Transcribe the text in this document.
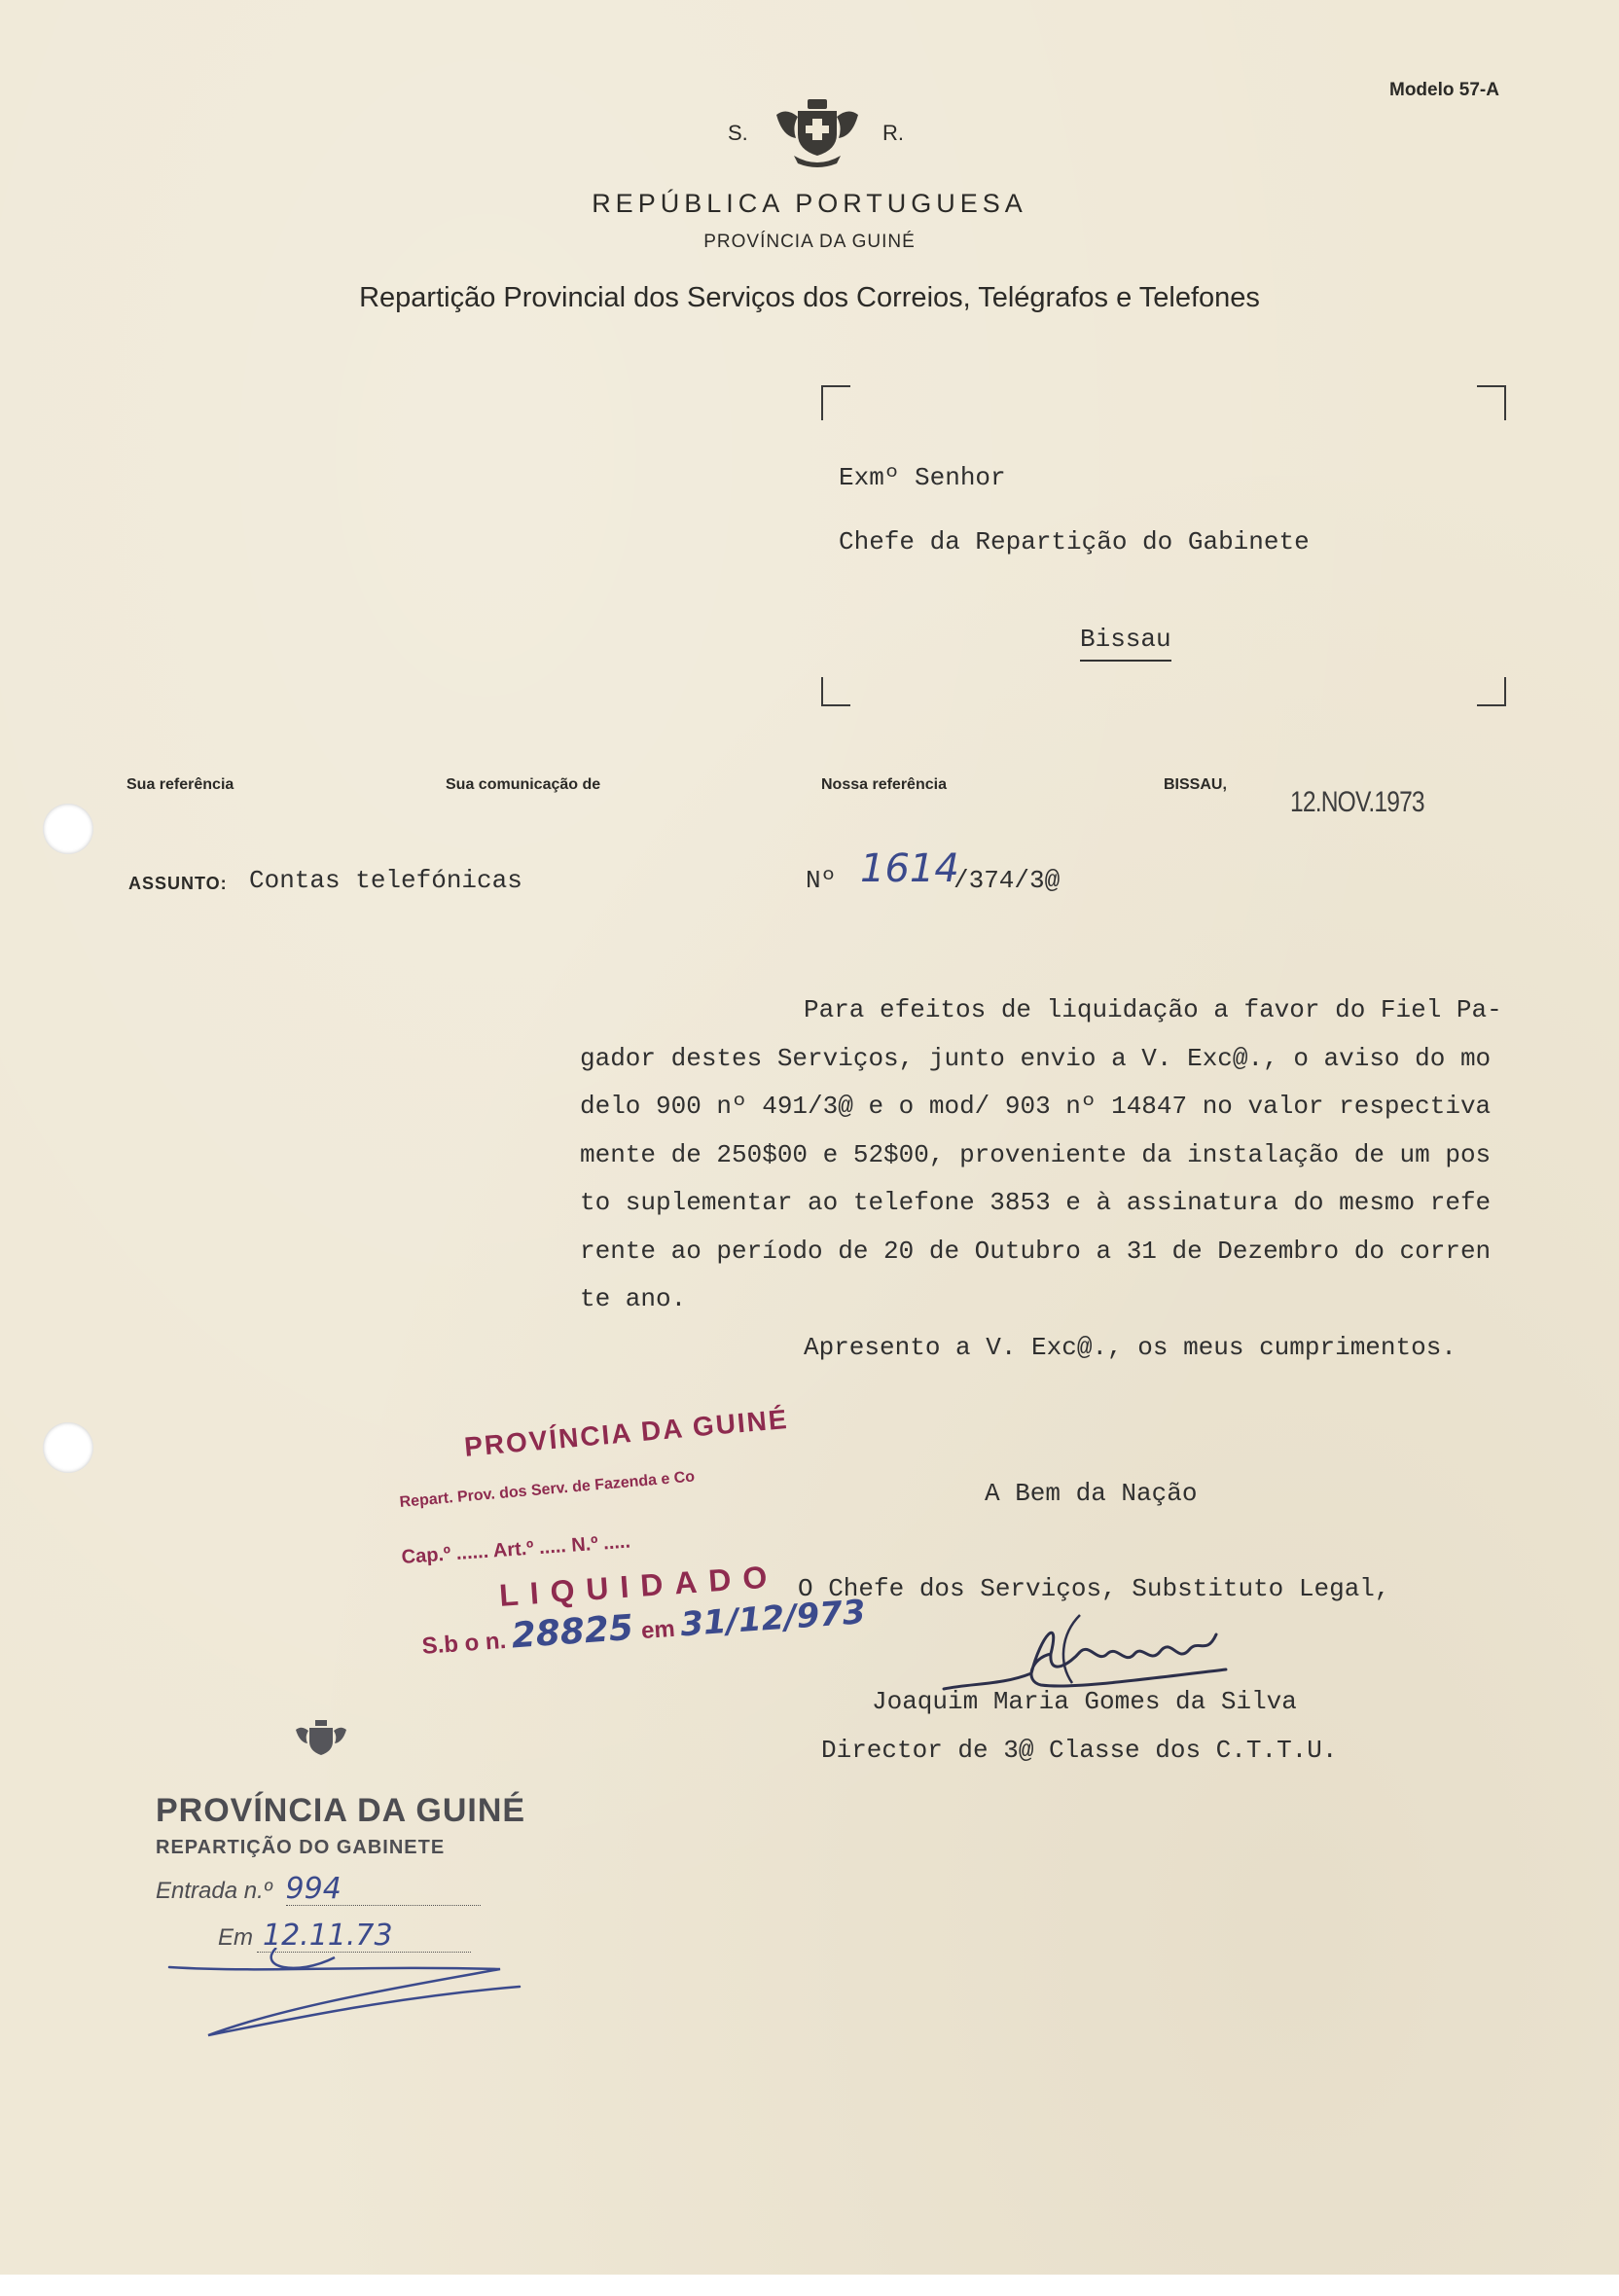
Modelo 57-A
S.	R.
REPÚBLICA PORTUGUESA
PROVÍNCIA DA GUINÉ
Repartição Provincial dos Serviços dos Correios, Telégrafos e Telefones
Exmº Senhor
Chefe da Repartição do Gabinete
Bissau
Sua referência	Sua comunicação de	Nossa referência	BISSAU,
12.NOV.1973
ASSUNTO: Contas telefónicas	Nº 1614
/374/3@

Para efeitos de liquidação a favor do Fiel Pa-

gador destes Serviços, junto envio a V. Exc@., o aviso do mo

delo 900 nº 491/3@ e o mod/ 903 nº 14847 no valor respectiva

mente de 250$00 e 52$00, proveniente da instalação de um pos

to suplementar ao telefone 3853 e à assinatura do mesmo refe

rente ao período de 20 de Outubro a 31 de Dezembro do corren

te ano.

Apresento a V. Exc@., os meus cumprimentos.

A Bem da Nação
O Chefe dos Serviços, Substituto Legal,
Joaquim Maria Gomes da Silva
Director de 3@ Classe dos C.T.T.U.
PROVÍNCIA DA GUINÉ
Repart. Prov. dos Serv. de Fazenda e Co
Cap.º ...... Art.º ..... N.º .....
LIQUIDADO
S.b o n.28825 em 31/12/973
PROVÍNCIA DA GUINÉ
REPARTIÇÃO DO GABINETE
Entrada n.º 994
Em 12.11.73
